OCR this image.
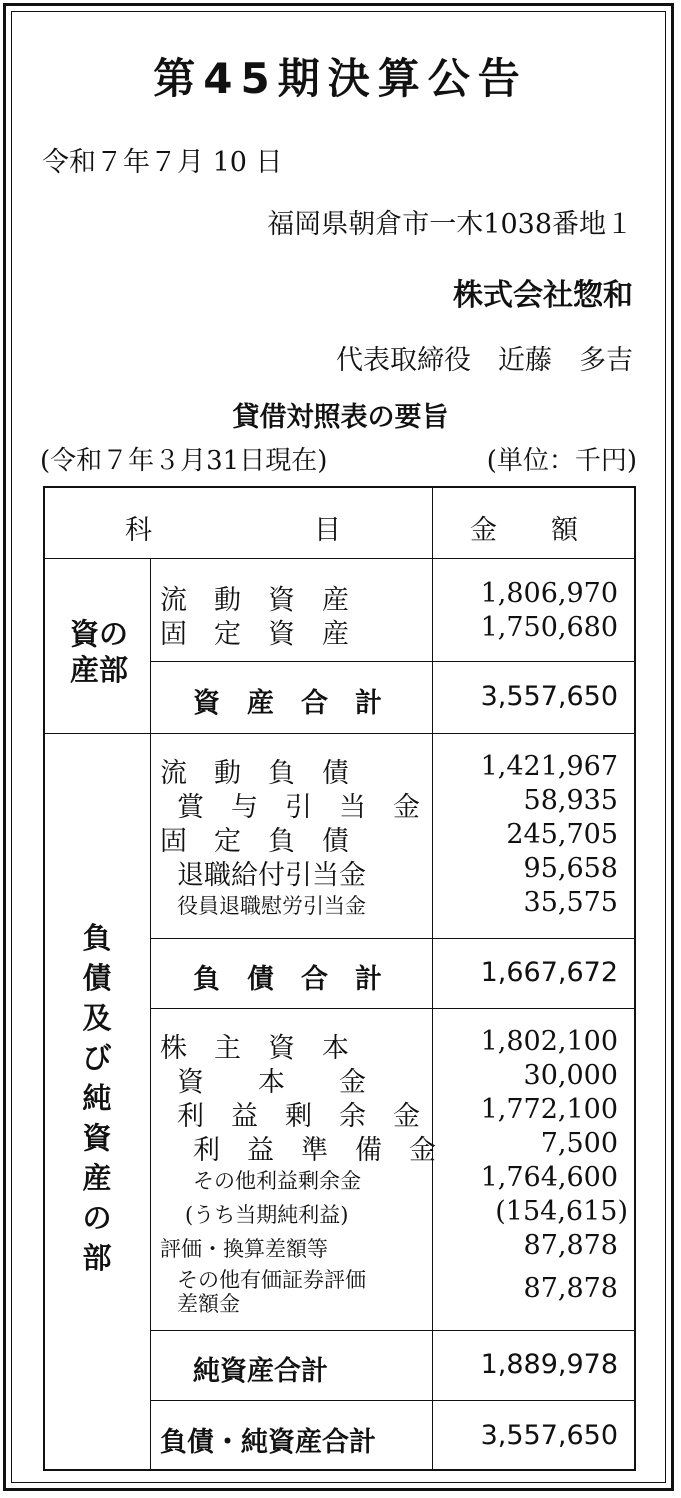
第45期決算公告
令和７年７月 10 日
福岡県朝倉市一木1038番地１
株式会社惣和
代表取締役　近藤　多吉
貸借対照表の要旨
(令和７年３月31日現在)	(単位：千円)
科　　　　　　目	金　　額
資の
産部
流　動　資　産	1,806,970
固　定　資　産	1,750,680
資　産　合　計	3,557,650
負債及び純資産の部
流　動　負　債	1,421,967
賞　与　引　当　金	58,935
固　定　負　債	245,705
退職給付引当金	95,658
役員退職慰労引当金	35,575
負　債　合　計	1,667,672
株　主　資　本	1,802,100
資　　本　　金	30,000
利　益　剰　余　金 1,772,100
利　益　準　備　金	7,500
その他利益剰余金	1,764,600
(うち当期純利益)	(154,615)
評価・換算差額等	87,878
その他有価証券評価
差額金	87,878
純資産合計	1,889,978
負債・純資産合計	3,557,650
